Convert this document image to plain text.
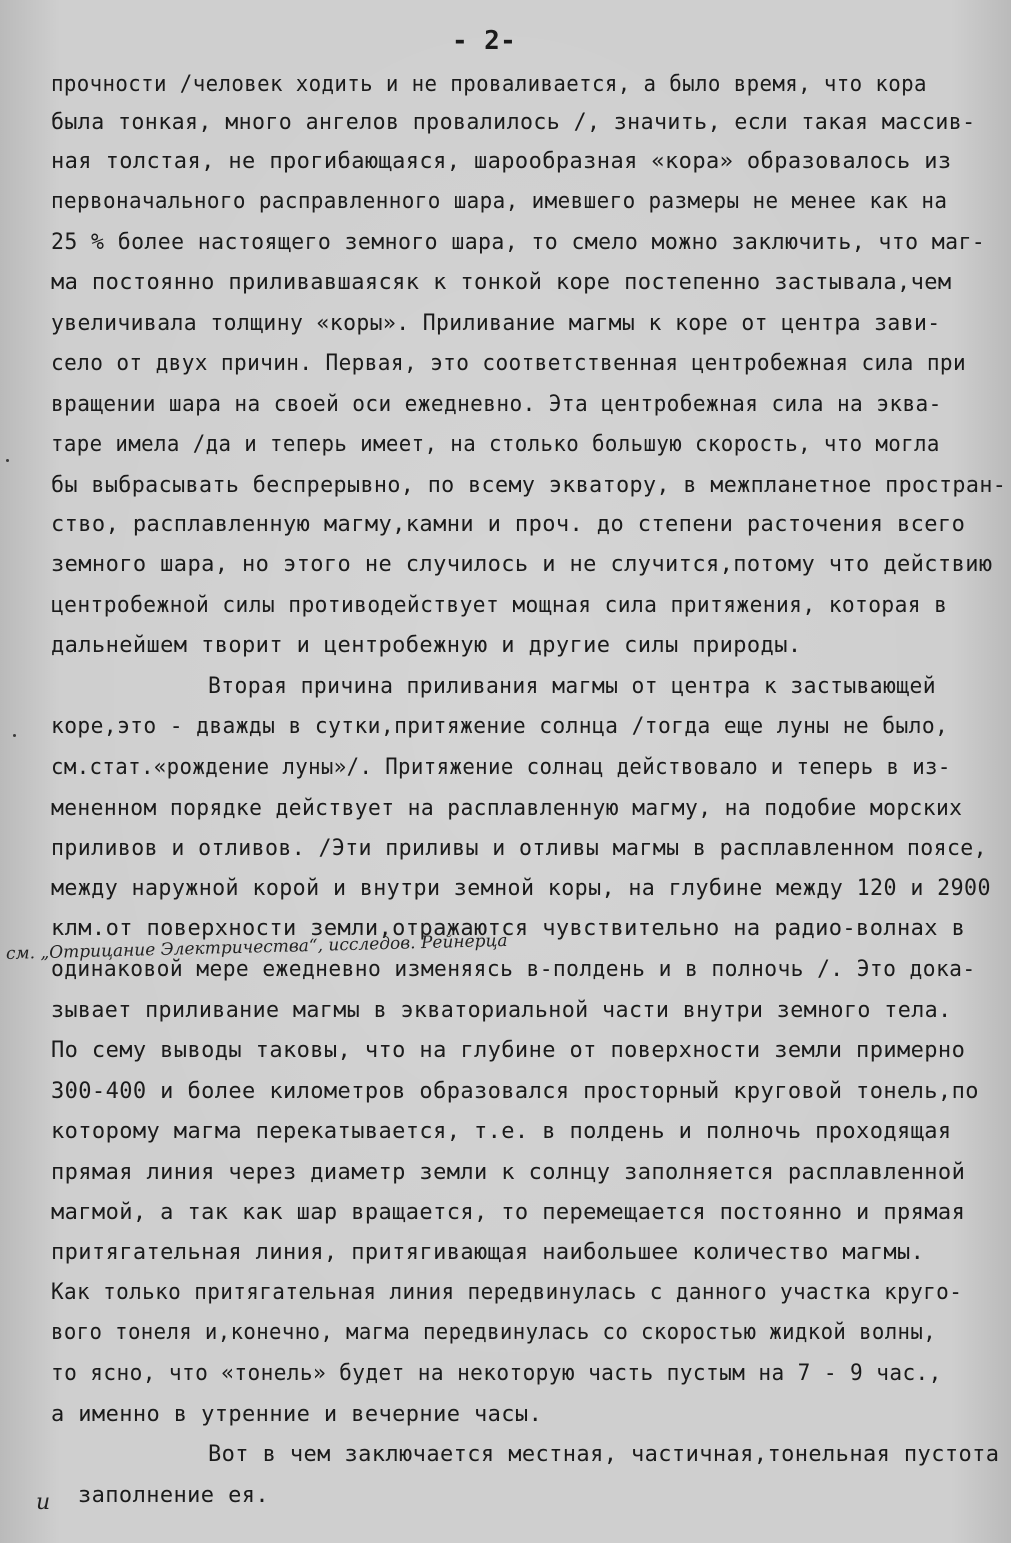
- 2-
прочности /человек ходить и не проваливается, а было время, что кора
была тонкая, много ангелов провалилось /, значить, если такая массив-
ная толстая, не прогибающаяся, шарообразная «кора» образовалось из
первоначального расправленного шара, имевшего размеры не менее как на
25 % более настоящего земного шара, то смело можно заключить, что маг-
ма постоянно приливавшаясяк к тонкой коре постепенно застывала,чем
увеличивала толщину «коры». Приливание магмы к коре от центра зави-
село от двух причин. Первая, это соответственная центробежная сила при
вращении шара на своей оси ежедневно. Эта центробежная сила на эква-
таре имела /да и теперь имеет, на столько большую скорость, что могла
бы выбрасывать беспрерывно, по всему экватору, в межпланетное простран-
ство, расплавленную магму,камни и проч. до степени расточения всего
земного шара, но этого не случилось и не случится,потому что действию
центробежной силы противодействует мощная сила притяжения, которая в
дальнейшем творит и центробежную и другие силы природы.
Вторая причина приливания магмы от центра к застывающей
коре,это - дважды в сутки,притяжение солнца /тогда еще луны не было,
см.стат.«рождение луны»/. Притяжение солнац действовало и теперь в из-
мененном порядке действует на расплавленную магму, на подобие морских
приливов и отливов. /Эти приливы и отливы магмы в расплавленном поясе,
между наружной корой и внутри земной коры, на глубине между 120 и 2900
клм.от поверхности земли,отражаются чувствительно на радио-волнах в
одинаковой мере ежедневно изменяясь в-полдень и в полночь /. Это дока-
зывает приливание магмы в экваториальной части внутри земного тела.
По сему выводы таковы, что на глубине от поверхности земли примерно
300-400 и более километров образовался просторный круговой тонель,по
которому магма перекатывается, т.е. в полдень и полночь проходящая
прямая линия через диаметр земли к солнцу заполняется расплавленной
магмой, а так как шар вращается, то перемещается постоянно и прямая
притягательная линия, притягивающая наибольшее количество магмы.
Как только притягательная линия передвинулась с данного участка круго-
вого тонеля и,конечно, магма передвинулась со скоростью жидкой волны,
то ясно, что «тонель» будет на некоторую часть пустым на 7 - 9 час.,
а именно в утренние и вечерние часы.
Вот в чем заключается местная, частичная,тонельная пустота
заполнение ея.
см. „Отрицание Электричества“, исследов. Рейнерца
и
